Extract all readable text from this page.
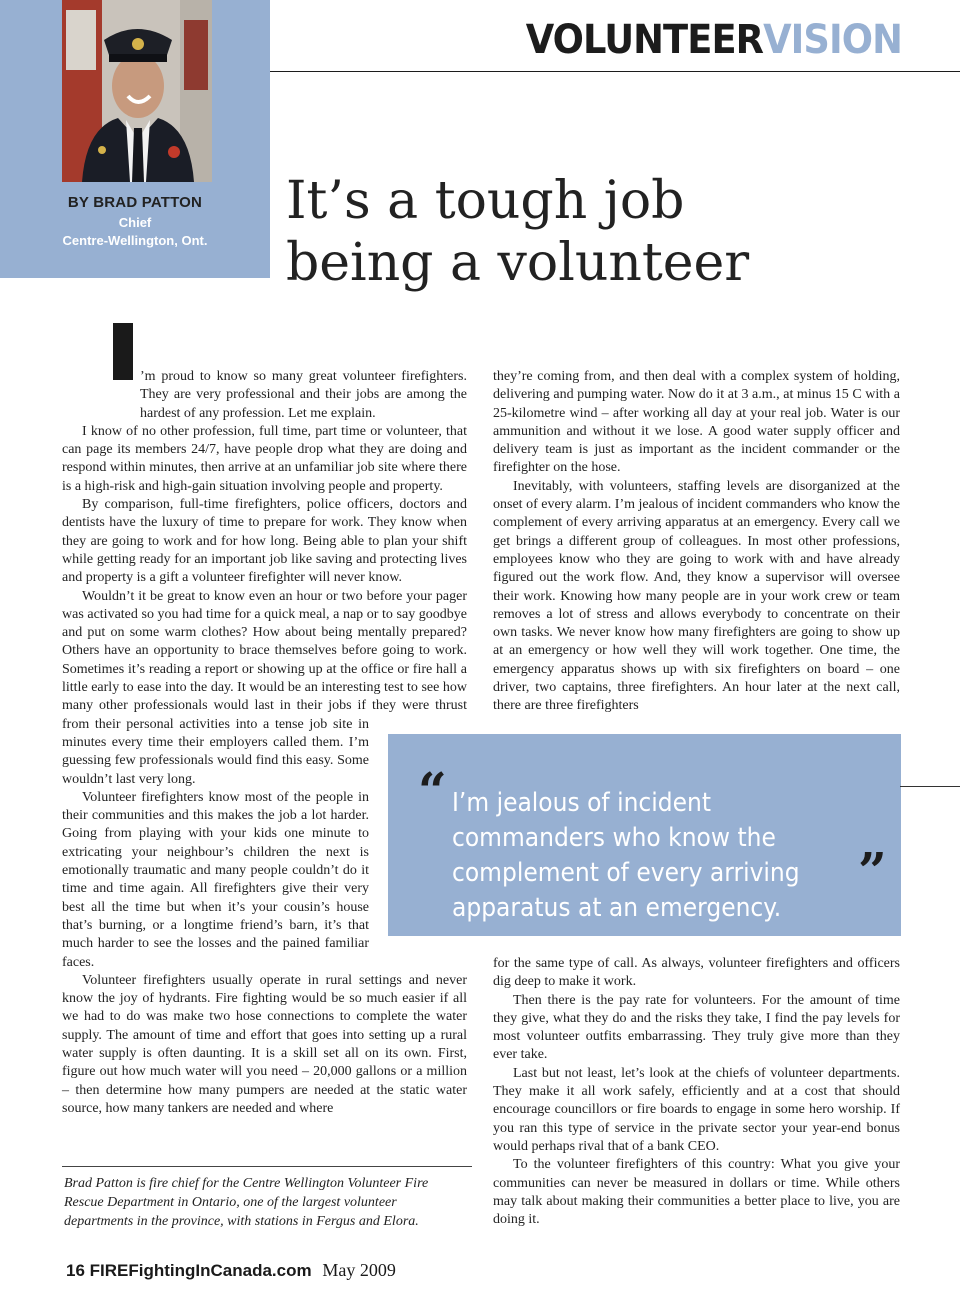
BY BRAD PATTON
Chief
Centre-Wellington, Ont.
VOLUNTEERVISION
It’s a tough job
being a volunteer

’m proud to know so many great volunteer firefighters. They are very professional and their jobs are among the hardest of any profession. Let me explain.

I know of no other profession, full time, part time or volunteer, that can page its members 24/7, have people drop what they are doing and respond within minutes, then arrive at an unfamiliar job site where there is a high-risk and high-gain situation involving people and property.

By comparison, full-time firefighters, police officers, doctors and dentists have the luxury of time to prepare for work. They know when they are going to work and for how long. Being able to plan your shift while getting ready for an important job like saving and protecting lives and property is a gift a volunteer firefighter will never know.

Wouldn’t it be great to know even an hour or two before your pager was activated so you had time for a quick meal, a nap or to say goodbye and put on some warm clothes? How about being mentally prepared? Others have an opportunity to brace themselves before going to work. Sometimes it’s reading a report or showing up at the office or fire hall a little early to ease into the day. It would be an interesting test to see how many other professionals would last in their jobs if they were thrust from their personal activities into a tense job site in minutes every time their employers called them. I’m guessing few professionals would find this easy. Some wouldn’t last very long.

Volunteer firefighters know most of the people in their communities and this makes the job a lot harder. Going from playing with your kids one minute to extricating your neighbour’s children the next is emotionally traumatic and many people couldn’t do it time and time again. All firefighters give their very best all the time but when it’s your cousin’s house that’s burning, or a longtime friend’s barn, it’s that much harder to see the losses and the pained familiar faces.

Volunteer firefighters usually operate in rural settings and never know the joy of hydrants. Fire fighting would be so much easier if all we had to do was make two hose connections to complete the water supply. The amount of time and effort that goes into setting up a rural water supply is often daunting. It is a skill set all on its own. First, figure out how much water will you need – 20,000 gallons or a million – then determine how many pumpers are needed at the static water source, how many tankers are needed and where

they’re coming from, and then deal with a complex system of holding, delivering and pumping water. Now do it at 3 a.m., at minus 15 C with a 25-kilometre wind – after working all day at your real job. Water is our ammunition and without it we lose. A good water supply officer and delivery team is just as important as the incident commander or the firefighter on the hose.

Inevitably, with volunteers, staffing levels are disorganized at the onset of every alarm. I’m jealous of incident commanders who know the complement of every arriving apparatus at an emergency. Every call we get brings a different group of colleagues. In most other professions, employees know who they are going to work with and have already figured out the work flow. And, they know a supervisor will oversee their work. Knowing how many people are in your work crew or team removes a lot of stress and allows everybody to concentrate on their own tasks. We never know how many firefighters are going to show up at an emergency or how well they will work together. One time, the emergency apparatus shows up with six firefighters on board – one driver, two captains, three firefighters. An hour later at the next call, there are three firefighters

“ I’m jealous of incident commanders who know the complement of every arriving apparatus at an emergency.
”

for the same type of call. As always, volunteer firefighters and officers dig deep to make it work.

Then there is the pay rate for volunteers. For the amount of time they give, what they do and the risks they take, I find the pay levels for most volunteer outfits embarrassing. They truly give more than they ever take.

Last but not least, let’s look at the chiefs of volunteer departments. They make it all work safely, efficiently and at a cost that should encourage councillors or fire boards to engage in some hero worship. If you ran this type of service in the private sector your year-end bonus would perhaps rival that of a bank CEO.

To the volunteer firefighters of this country: What you give your communities can never be measured in dollars or time. While others may talk about making their communities a better place to live, you are doing it.

Brad Patton is fire chief for the Centre Wellington Volunteer Fire Rescue Department in Ontario, one of the largest volunteer departments in the province, with stations in Fergus and Elora.
16 FIREFightingInCanada.com May 2009
